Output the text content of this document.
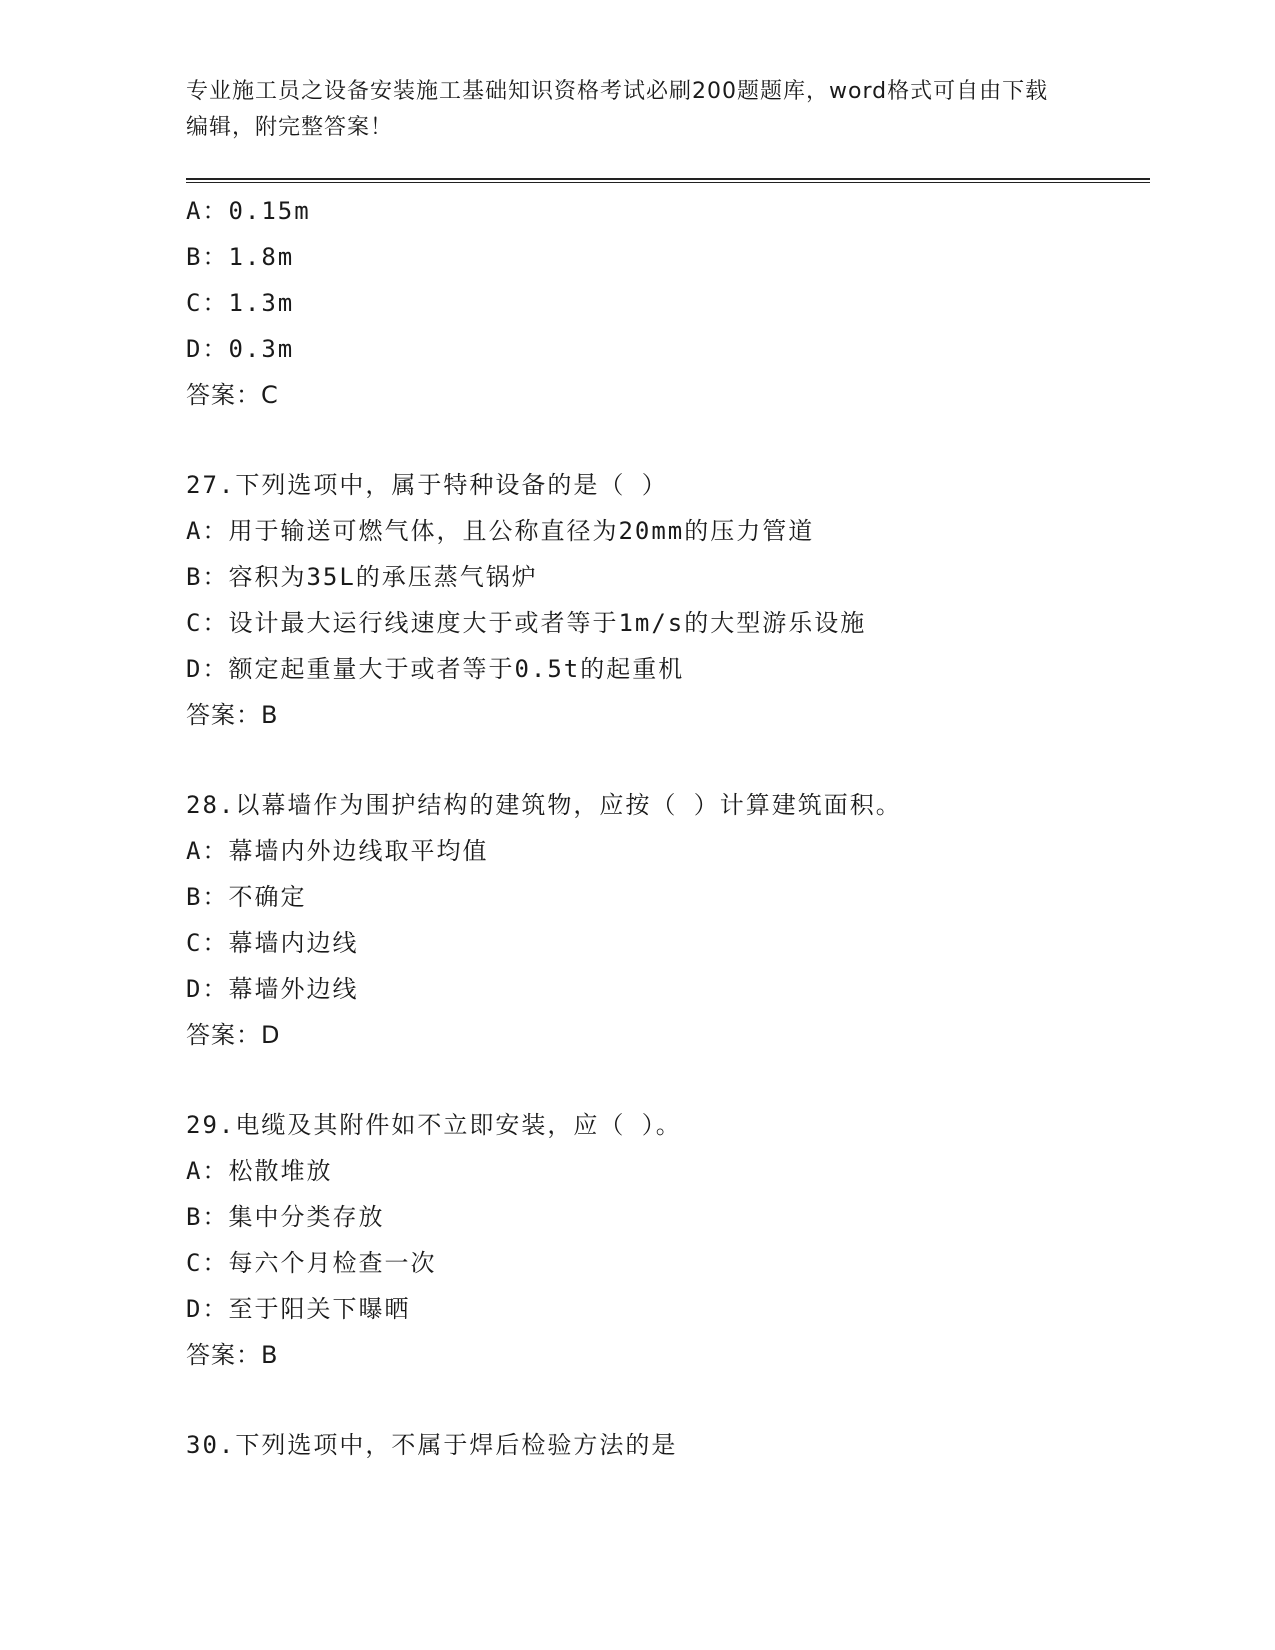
专业施工员之设备安装施工基础知识资格考试必刷200题题库，word格式可自由下载编辑，附完整答案！
A：0.15m
B：1.8m
C：1.3m
D：0.3m
答案：C
27.下列选项中，属于特种设备的是（ ）
A：用于输送可燃气体，且公称直径为20mm的压力管道
B：容积为35L的承压蒸气锅炉
C：设计最大运行线速度大于或者等于1m/s的大型游乐设施
D：额定起重量大于或者等于0.5t的起重机
答案：B
28.以幕墙作为围护结构的建筑物，应按（ ）计算建筑面积。
A：幕墙内外边线取平均值
B：不确定
C：幕墙内边线
D：幕墙外边线
答案：D
29.电缆及其附件如不立即安装，应（ ）。
A：松散堆放
B：集中分类存放
C：每六个月检查一次
D：至于阳关下曝晒
答案：B
30.下列选项中，不属于焊后检验方法的是
